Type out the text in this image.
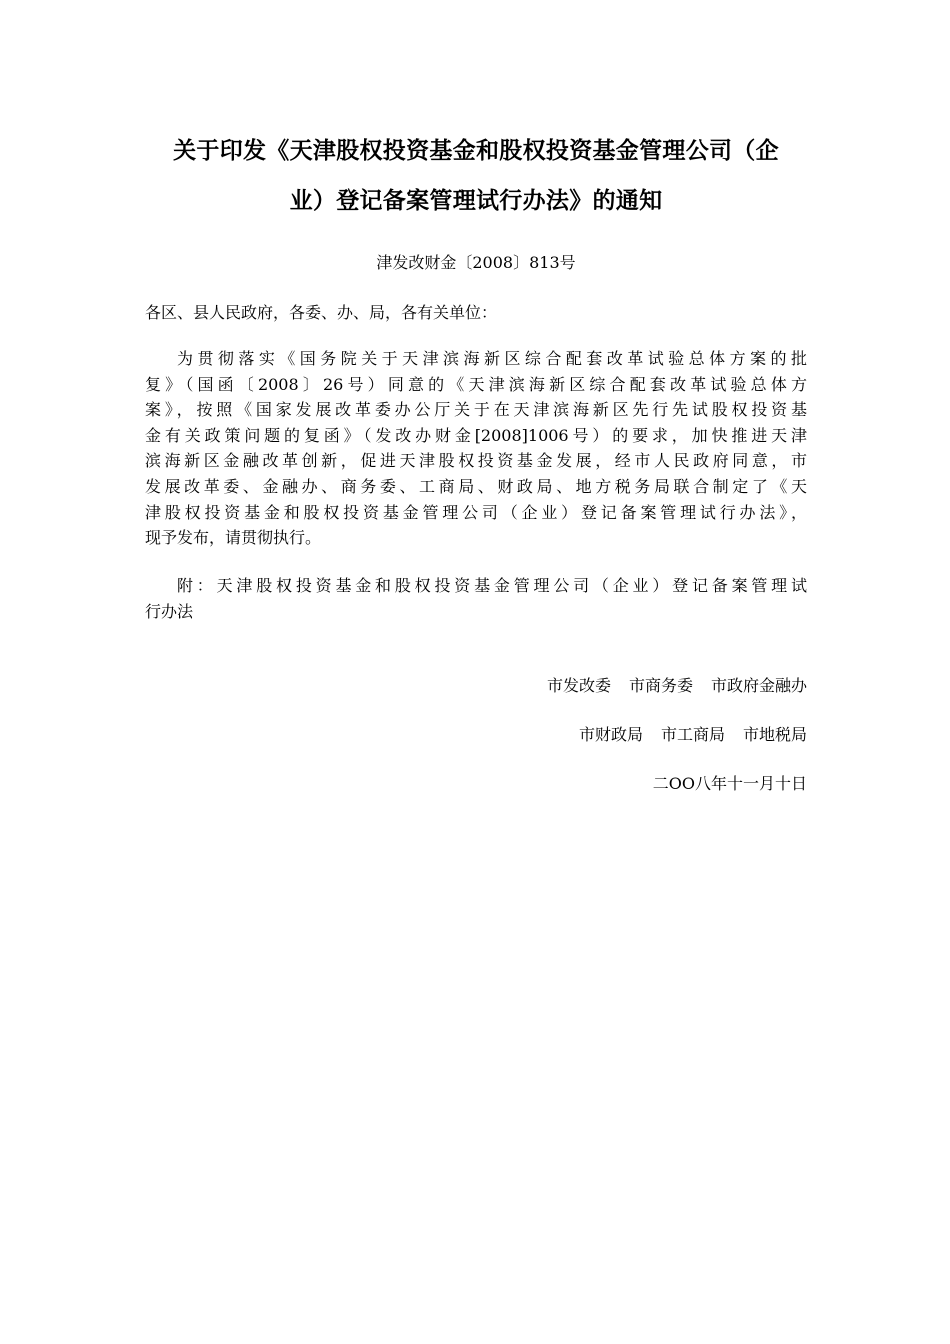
关于印发《天津股权投资基金和股权投资基金管理公司（企
业）登记备案管理试行办法》的通知
津发改财金〔2008〕813号
各区、县人民政府，各委、办、局，各有关单位：
为贯彻落实《国务院关于天津滨海新区综合配套改革试验总体方案的批
复》（国函〔2008〕26号）同意的《天津滨海新区综合配套改革试验总体方
案》，按照《国家发展改革委办公厅关于在天津滨海新区先行先试股权投资基
金有关政策问题的复函》（发改办财金[2008]1006号）的要求，加快推进天津
滨海新区金融改革创新，促进天津股权投资基金发展，经市人民政府同意，市
发展改革委、金融办、商务委、工商局、财政局、地方税务局联合制定了《天
津股权投资基金和股权投资基金管理公司（企业）登记备案管理试行办法》，
现予发布，请贯彻执行。
附：天津股权投资基金和股权投资基金管理公司（企业）登记备案管理试
行办法
市发改委 市商务委 市政府金融办
市财政局 市工商局 市地税局
二OO八年十一月十日
